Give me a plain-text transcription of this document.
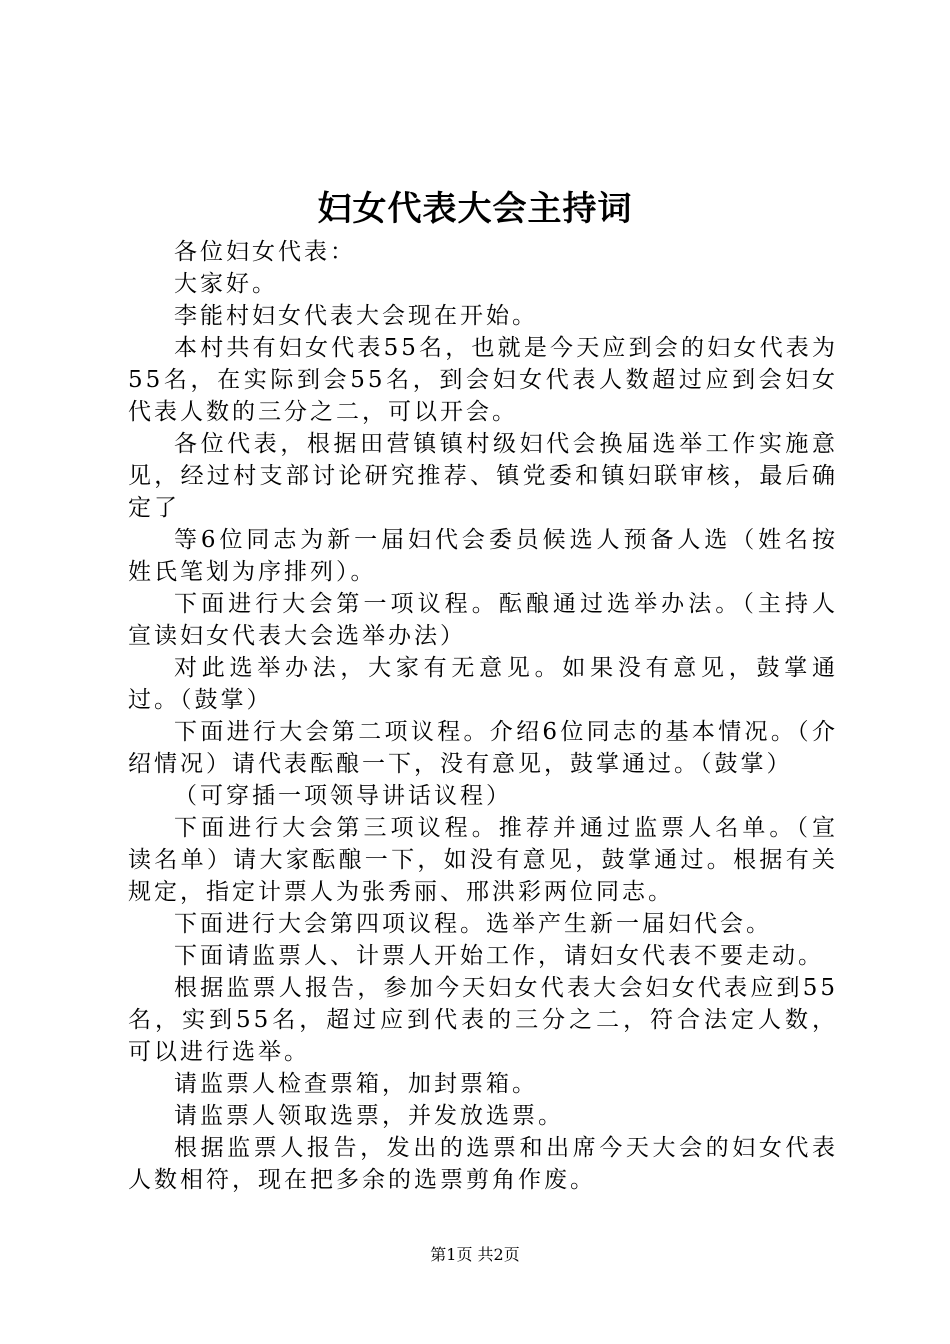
妇女代表大会主持词

各位妇女代表：

大家好。

李能村妇女代表大会现在开始。

本村共有妇女代表55名，也就是今天应到会的妇女代表为55名，在实际到会55名，到会妇女代表人数超过应到会妇女代表人数的三分之二，可以开会。

各位代表，根据田营镇镇村级妇代会换届选举工作实施意见，经过村支部讨论研究推荐、镇党委和镇妇联审核，最后确定了

等6位同志为新一届妇代会委员候选人预备人选（姓名按姓氏笔划为序排列）。

下面进行大会第一项议程。酝酿通过选举办法。（主持人宣读妇女代表大会选举办法）

对此选举办法，大家有无意见。如果没有意见，鼓掌通过。（鼓掌）

下面进行大会第二项议程。介绍6位同志的基本情况。（介绍情况）请代表酝酿一下，没有意见，鼓掌通过。（鼓掌）

（可穿插一项领导讲话议程）

下面进行大会第三项议程。推荐并通过监票人名单。（宣读名单）请大家酝酿一下，如没有意见，鼓掌通过。根据有关规定，指定计票人为张秀丽、邢洪彩两位同志。

下面进行大会第四项议程。选举产生新一届妇代会。

下面请监票人、计票人开始工作，请妇女代表不要走动。

根据监票人报告，参加今天妇女代表大会妇女代表应到55名，实到55名，超过应到代表的三分之二，符合法定人数，可以进行选举。

请监票人检查票箱，加封票箱。

请监票人领取选票，并发放选票。

根据监票人报告，发出的选票和出席今天大会的妇女代表人数相符，现在把多余的选票剪角作废。

第1页 共2页
